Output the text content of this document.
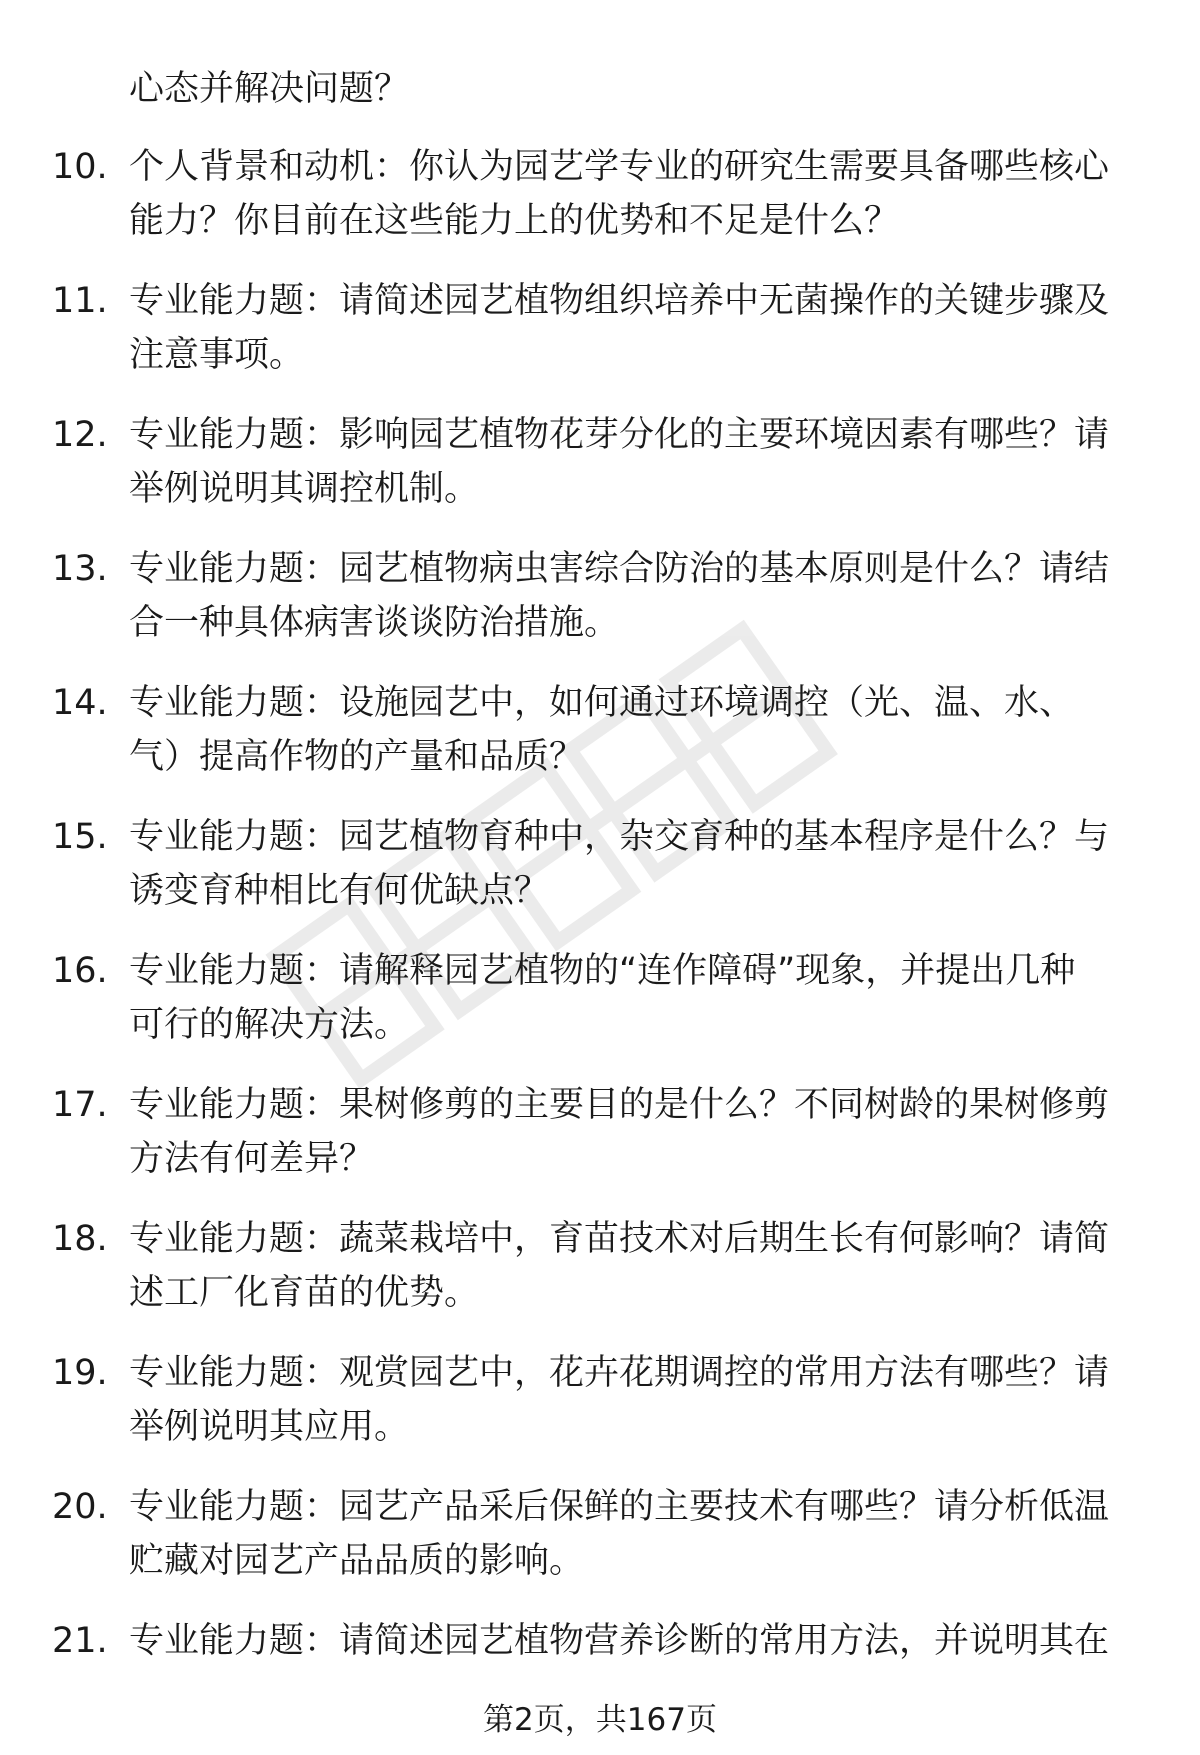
心态并解决问题？
10. 个人背景和动机：你认为园艺学专业的研究生需要具备哪些核心
能力？你目前在这些能力上的优势和不足是什么？
11. 专业能力题：请简述园艺植物组织培养中无菌操作的关键步骤及
注意事项。
12. 专业能力题：影响园艺植物花芽分化的主要环境因素有哪些？请
举例说明其调控机制。
13. 专业能力题：园艺植物病虫害综合防治的基本原则是什么？请结
合一种具体病害谈谈防治措施。
14. 专业能力题：设施园艺中，如何通过环境调控（光、温、水、
气）提高作物的产量和品质？
15. 专业能力题：园艺植物育种中，杂交育种的基本程序是什么？与
诱变育种相比有何优缺点？
16. 专业能力题：请解释园艺植物的“连作障碍”现象，并提出几种
可行的解决方法。
17. 专业能力题：果树修剪的主要目的是什么？不同树龄的果树修剪
方法有何差异？
18. 专业能力题：蔬菜栽培中，育苗技术对后期生长有何影响？请简
述工厂化育苗的优势。
19. 专业能力题：观赏园艺中，花卉花期调控的常用方法有哪些？请
举例说明其应用。
20. 专业能力题：园艺产品采后保鲜的主要技术有哪些？请分析低温
贮藏对园艺产品品质的影响。
21. 专业能力题：请简述园艺植物营养诊断的常用方法，并说明其在
第2页，共167页
